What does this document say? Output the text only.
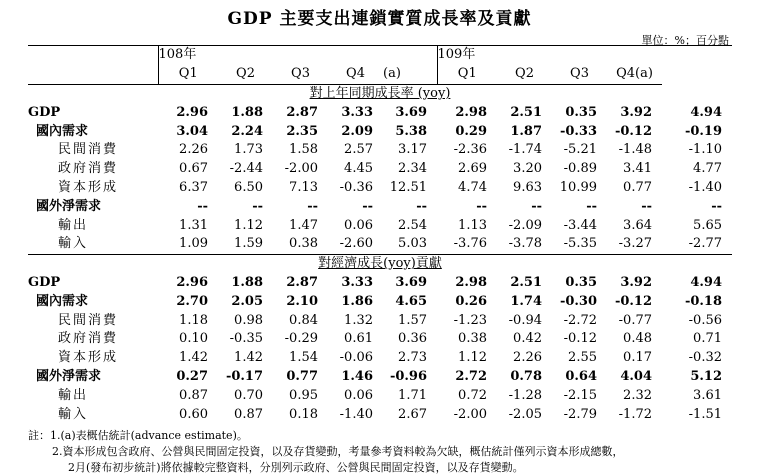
GDP 主要支出連鎖實質成長率及貢獻
單位：%；百分點
	108年					109年				
	Q1	Q2	Q3	Q4	(a)	Q1	Q2	Q3	Q4(a)	
對上年同期成長率 (yoy)										
GDP	2.96	1.88	2.87	3.33	3.69	2.98	2.51	0.35	3.92	4.94
國內需求	3.04	2.24	2.35	2.09	5.38	0.29	1.87	-0.33	-0.12	-0.19
民間消費	2.26	1.73	1.58	2.57	3.17	-2.36	-1.74	-5.21	-1.48	-1.10
政府消費	0.67	-2.44	-2.00	4.45	2.34	2.69	3.20	-0.89	3.41	4.77
資本形成	6.37	6.50	7.13	-0.36	12.51	4.74	9.63	10.99	0.77	-1.40
國外淨需求	--	--	--	--	--	--	--	--	--	--
輸出	1.31	1.12	1.47	0.06	2.54	1.13	-2.09	-3.44	3.64	5.65
輸入	1.09	1.59	0.38	-2.60	5.03	-3.76	-3.78	-5.35	-3.27	-2.77
對經濟成長(yoy)貢獻										
GDP	2.96	1.88	2.87	3.33	3.69	2.98	2.51	0.35	3.92	4.94
國內需求	2.70	2.05	2.10	1.86	4.65	0.26	1.74	-0.30	-0.12	-0.18
民間消費	1.18	0.98	0.84	1.32	1.57	-1.23	-0.94	-2.72	-0.77	-0.56
政府消費	0.10	-0.35	-0.29	0.61	0.36	0.38	0.42	-0.12	0.48	0.71
資本形成	1.42	1.42	1.54	-0.06	2.73	1.12	2.26	2.55	0.17	-0.32
國外淨需求	0.27	-0.17	0.77	1.46	-0.96	2.72	0.78	0.64	4.04	5.12
輸出	0.87	0.70	0.95	0.06	1.71	0.72	-1.28	-2.15	2.32	3.61
輸入	0.60	0.87	0.18	-1.40	2.67	-2.00	-2.05	-2.79	-1.72	-1.51
註：1.(a)表概估統計(advance estimate)。
2.資本形成包含政府、公營與民間固定投資，以及存貨變動，考量參考資料較為欠缺，概估統計僅列示資本形成總數，
2月(發布初步統計)將依據較完整資料，分別列示政府、公營與民間固定投資，以及存貨變動。
